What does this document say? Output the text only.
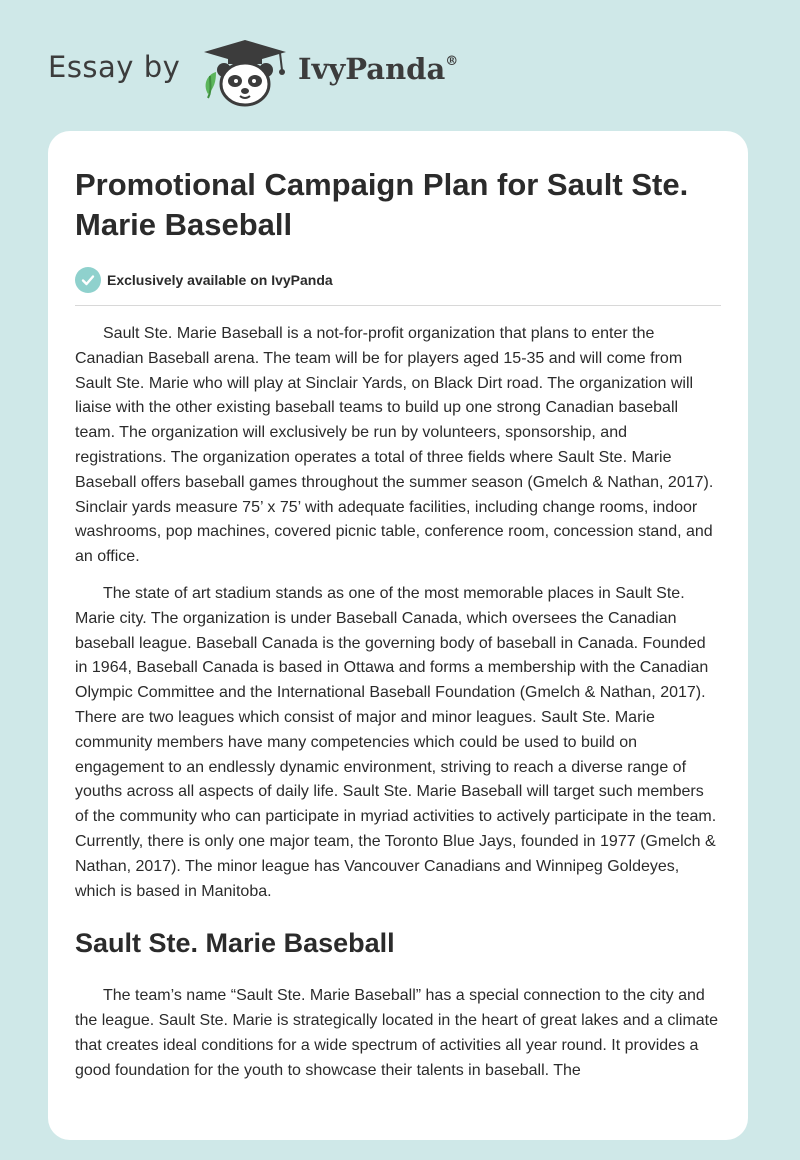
Essay by	IvyPanda®
Promotional Campaign Plan for Sault Ste. Marie Baseball
Exclusively available on IvyPanda

Sault Ste. Marie Baseball is a not-for-profit organization that plans to enter the Canadian Baseball arena. The team will be for players aged 15-35 and will come from Sault Ste. Marie who will play at Sinclair Yards, on Black Dirt road. The organization will liaise with the other existing baseball teams to build up one strong Canadian baseball team. The organization will exclusively be run by volunteers, sponsorship, and registrations. The organization operates a total of three fields where Sault Ste. Marie Baseball offers baseball games throughout the summer season (Gmelch & Nathan, 2017). Sinclair yards measure 75’ x 75’ with adequate facilities, including change rooms, indoor washrooms, pop machines, covered picnic table, conference room, concession stand, and an office.

The state of art stadium stands as one of the most memorable places in Sault Ste. Marie city. The organization is under Baseball Canada, which oversees the Canadian baseball league. Baseball Canada is the governing body of baseball in Canada. Founded in 1964, Baseball Canada is based in Ottawa and forms a membership with the Canadian Olympic Committee and the International Baseball Foundation (Gmelch & Nathan, 2017). There are two leagues which consist of major and minor leagues. Sault Ste. Marie community members have many competencies which could be used to build on engagement to an endlessly dynamic environment, striving to reach a diverse range of youths across all aspects of daily life. Sault Ste. Marie Baseball will target such members of the community who can participate in myriad activities to actively participate in the team. Currently, there is only one major team, the Toronto Blue Jays, founded in 1977 (Gmelch & Nathan, 2017). The minor league has Vancouver Canadians and Winnipeg Goldeyes, which is based in Manitoba.

Sault Ste. Marie Baseball

The team’s name “Sault Ste. Marie Baseball” has a special connection to the city and the league. Sault Ste. Marie is strategically located in the heart of great lakes and a climate that creates ideal conditions for a wide spectrum of activities all year round. It provides a good foundation for the youth to showcase their talents in baseball. The
